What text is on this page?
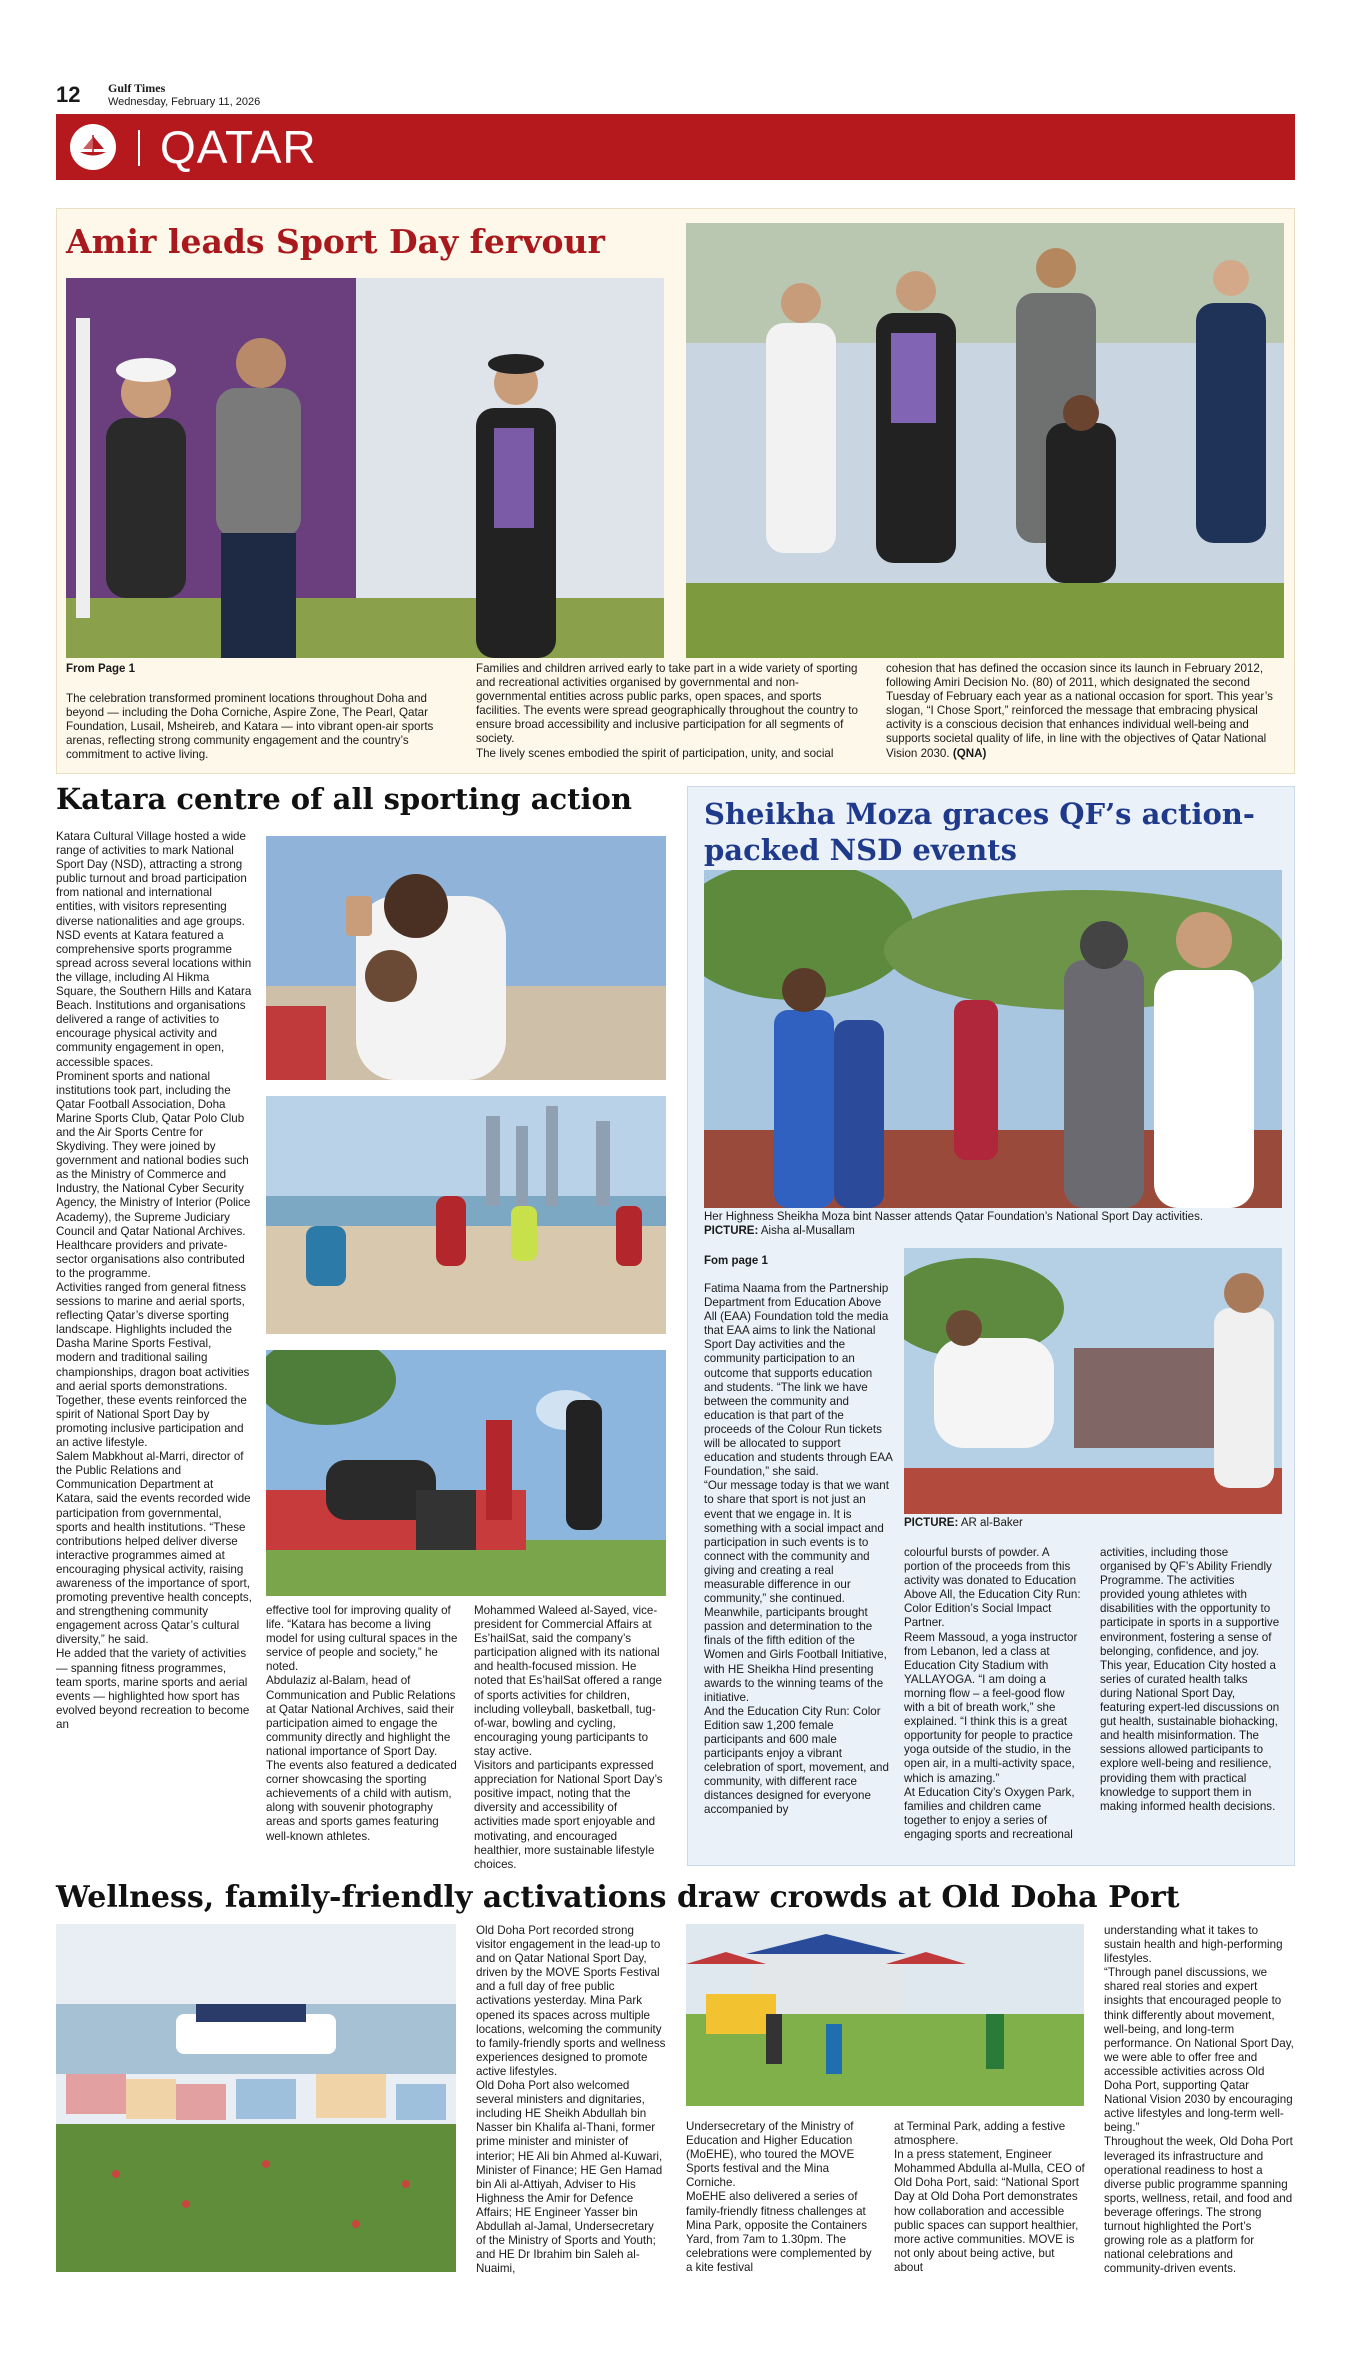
12 Gulf Times
Wednesday, February 11, 2026
QATAR
Amir leads Sport Day fervour
From Page 1

The celebration transformed prominent locations throughout Doha and beyond — including the Doha Corniche, Aspire Zone, The Pearl, Qatar Foundation, Lusail, Msheireb, and Katara — into vibrant open-air sports arenas, reflecting strong community engagement and the country’s commitment to active living.

Families and children arrived early to take part in a wide variety of sporting and recreational activities organised by governmental and non-governmental entities across public parks, open spaces, and sports facilities. The events were spread geographically throughout the country to ensure broad accessibility and inclusive participation for all segments of society.

The lively scenes embodied the spirit of participation, unity, and social

cohesion that has defined the occasion since its launch in February 2012, following Amiri Decision No. (80) of 2011, which designated the second Tuesday of February each year as a national occasion for sport. This year’s slogan, “I Chose Sport,” reinforced the message that embracing physical activity is a conscious decision that enhances individual well-being and supports societal quality of life, in line with the objectives of Qatar National Vision 2030. (QNA)

Katara centre of all sporting action

Katara Cultural Village hosted a wide range of activities to mark National Sport Day (NSD), attracting a strong public turnout and broad participation from national and international entities, with visitors representing diverse nationalities and age groups.

NSD events at Katara featured a comprehensive sports programme spread across several locations within the village, including Al Hikma Square, the Southern Hills and Katara Beach. Institutions and organisations delivered a range of activities to encourage physical activity and community engagement in open, accessible spaces.

Prominent sports and national institutions took part, including the Qatar Football Association, Doha Marine Sports Club, Qatar Polo Club and the Air Sports Centre for Skydiving. They were joined by government and national bodies such as the Ministry of Commerce and Industry, the National Cyber Security Agency, the Ministry of Interior (Police Academy), the Supreme Judiciary Council and Qatar National Archives. Healthcare providers and private-sector organisations also contributed to the programme.

Activities ranged from general fitness sessions to marine and aerial sports, reflecting Qatar’s diverse sporting landscape. Highlights included the Dasha Marine Sports Festival, modern and traditional sailing championships, dragon boat activities and aerial sports demonstrations. Together, these events reinforced the spirit of National Sport Day by promoting inclusive participation and an active lifestyle.

Salem Mabkhout al-Marri, director of the Public Relations and Communication Department at Katara, said the events recorded wide participation from governmental, sports and health institutions. “These contributions helped deliver diverse interactive programmes aimed at encouraging physical activity, raising awareness of the importance of sport, promoting preventive health concepts, and strengthening community engagement across Qatar’s cultural diversity,” he said.

He added that the variety of activities — spanning fitness programmes, team sports, marine sports and aerial events — highlighted how sport has evolved beyond recreation to become an

effective tool for improving quality of life. “Katara has become a living model for using cultural spaces in the service of people and society,” he noted.

Abdulaziz al-Balam, head of Communication and Public Relations at Qatar National Archives, said their participation aimed to engage the community directly and highlight the national importance of Sport Day. The events also featured a dedicated corner showcasing the sporting achievements of a child with autism, along with souvenir photography areas and sports games featuring well-known athletes.

Mohammed Waleed al-Sayed, vice-president for Commercial Affairs at Es’hailSat, said the company’s participation aligned with its national and health-focused mission. He noted that Es’hailSat offered a range of sports activities for children, including volleyball, basketball, tug-of-war, bowling and cycling, encouraging young participants to stay active.

Visitors and participants expressed appreciation for National Sport Day’s positive impact, noting that the diversity and accessibility of activities made sport enjoyable and motivating, and encouraged healthier, more sustainable lifestyle choices.

Sheikha Moza graces QF’s action-packed NSD events
Her Highness Sheikha Moza bint Nasser attends Qatar Foundation’s National Sport Day activities.
PICTURE: Aisha al-Musallam
Fom page 1

Fatima Naama from the Partnership Department from Education Above All (EAA) Foundation told the media that EAA aims to link the National Sport Day activities and the community participation to an outcome that supports education and students. “The link we have between the community and education is that part of the proceeds of the Colour Run tickets will be allocated to support education and students through EAA Foundation,” she said.

“Our message today is that we want to share that sport is not just an event that we engage in. It is something with a social impact and participation in such events is to connect with the community and giving and creating a real measurable difference in our community,” she continued.

Meanwhile, participants brought passion and determination to the finals of the fifth edition of the Women and Girls Football Initiative, with HE Sheikha Hind presenting awards to the winning teams of the initiative.

And the Education City Run: Color Edition saw 1,200 female participants and 600 male participants enjoy a vibrant celebration of sport, movement, and community, with different race distances designed for everyone accompanied by

PICTURE: AR al-Baker

colourful bursts of powder. A portion of the proceeds from this activity was donated to Education Above All, the Education City Run: Color Edition’s Social Impact Partner.

Reem Massoud, a yoga instructor from Lebanon, led a class at Education City Stadium with YALLAYOGA. “I am doing a morning flow – a feel-good flow with a bit of breath work,” she explained. “I think this is a great opportunity for people to practice yoga outside of the studio, in the open air, in a multi-activity space, which is amazing.”

At Education City’s Oxygen Park, families and children came together to enjoy a series of engaging sports and recreational

activities, including those organised by QF’s Ability Friendly Programme. The activities provided young athletes with disabilities with the opportunity to participate in sports in a supportive environment, fostering a sense of belonging, confidence, and joy.

This year, Education City hosted a series of curated health talks during National Sport Day, featuring expert-led discussions on gut health, sustainable biohacking, and health misinformation. The sessions allowed participants to explore well-being and resilience, providing them with practical knowledge to support them in making informed health decisions.

Wellness, family-friendly activations draw crowds at Old Doha Port

Old Doha Port recorded strong visitor engagement in the lead-up to and on Qatar National Sport Day, driven by the MOVE Sports Festival and a full day of free public activations yesterday. Mina Park opened its spaces across multiple locations, welcoming the community to family-friendly sports and wellness experiences designed to promote active lifestyles.

Old Doha Port also welcomed several ministers and dignitaries, including HE Sheikh Abdullah bin Nasser bin Khalifa al-Thani, former prime minister and minister of interior; HE Ali bin Ahmed al-Kuwari, Minister of Finance; HE Gen Hamad bin Ali al-Attiyah, Adviser to His Highness the Amir for Defence Affairs; HE Engineer Yasser bin Abdullah al-Jamal, Undersecretary of the Ministry of Sports and Youth; and HE Dr Ibrahim bin Saleh al-Nuaimi,

Undersecretary of the Ministry of Education and Higher Education (MoEHE), who toured the MOVE Sports festival and the Mina Corniche.

MoEHE also delivered a series of family-friendly fitness challenges at Mina Park, opposite the Containers Yard, from 7am to 1.30pm. The celebrations were complemented by a kite festival

at Terminal Park, adding a festive atmosphere.

In a press statement, Engineer Mohammed Abdulla al-Mulla, CEO of Old Doha Port, said: “National Sport Day at Old Doha Port demonstrates how collaboration and accessible public spaces can support healthier, more active communities. MOVE is not only about being active, but about

understanding what it takes to sustain health and high-performing lifestyles.

“Through panel discussions, we shared real stories and expert insights that encouraged people to think differently about movement, well-being, and long-term performance. On National Sport Day, we were able to offer free and accessible activities across Old Doha Port, supporting Qatar National Vision 2030 by encouraging active lifestyles and long-term well-being.”

Throughout the week, Old Doha Port leveraged its infrastructure and operational readiness to host a diverse public programme spanning sports, wellness, retail, and food and beverage offerings. The strong turnout highlighted the Port’s growing role as a platform for national celebrations and community-driven events.
